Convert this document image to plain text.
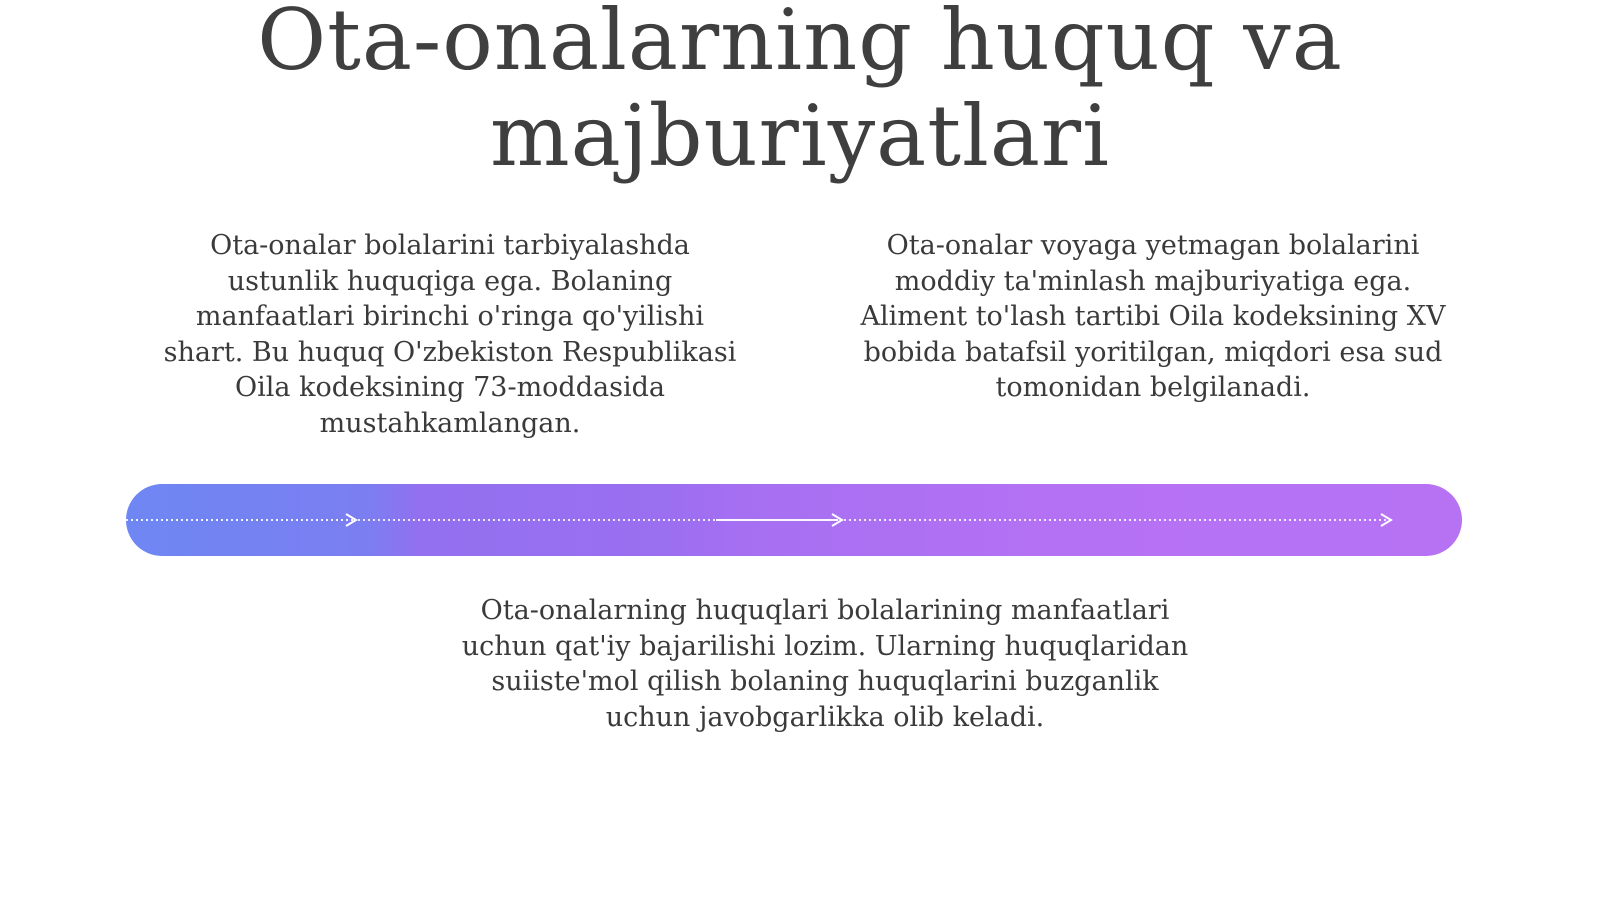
Ota-onalarning huquq va majburiyatlari

Ota-onalar bolalarini tarbiyalashda ustunlik huquqiga ega. Bolaning manfaatlari birinchi o'ringa qo'yilishi shart. Bu huquq O'zbekiston Respublikasi Oila kodeksining 73-moddasida mustahkamlangan.

Ota-onalar voyaga yetmagan bolalarini moddiy ta'minlash majburiyatiga ega. Aliment to'lash tartibi Oila kodeksining XV bobida batafsil yoritilgan, miqdori esa sud tomonidan belgilanadi.

Ota-onalarning huquqlari bolalarining manfaatlari uchun qat'iy bajarilishi lozim. Ularning huquqlaridan suiiste'mol qilish bolaning huquqlarini buzganlik uchun javobgarlikka olib keladi.
